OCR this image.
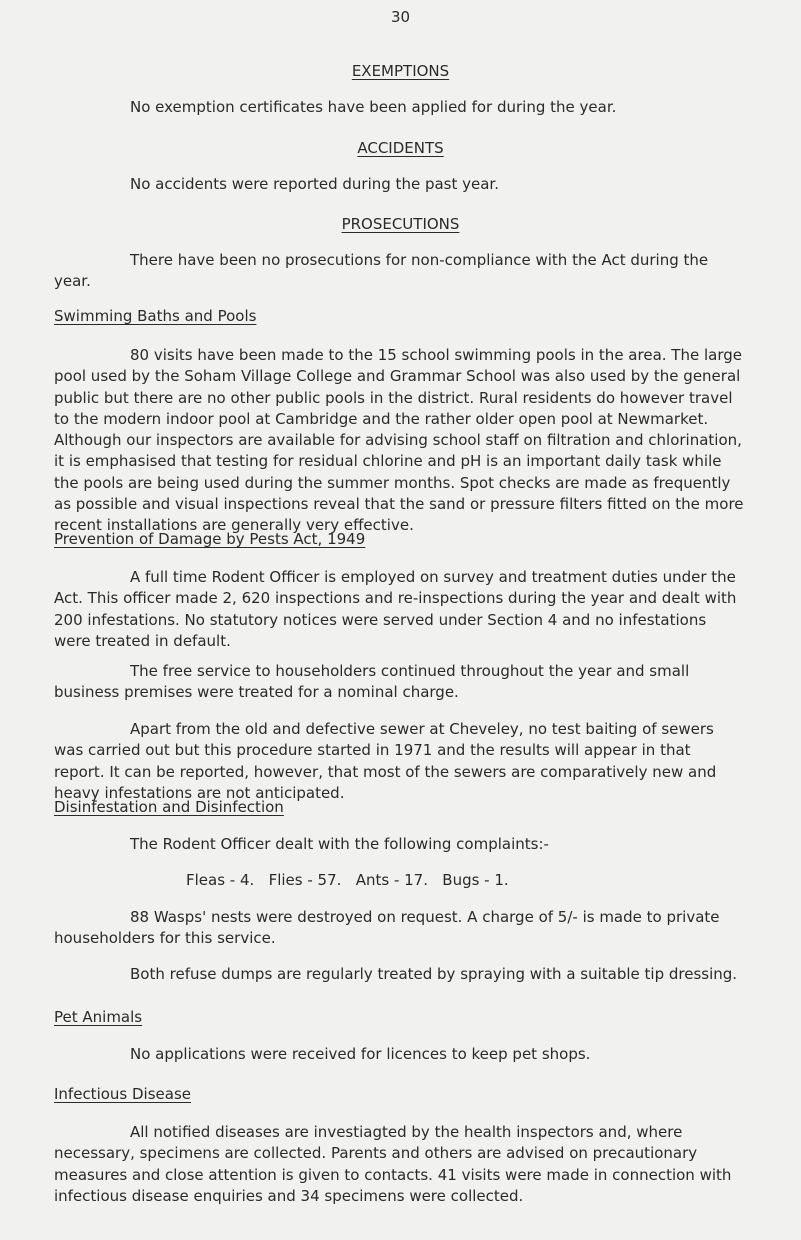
30
EXEMPTIONS

No exemption certificates have been applied for during the year.

ACCIDENTS

No accidents were reported during the past year.

PROSECUTIONS

There have been no prosecutions for non-compliance with the Act during the year.

Swimming Baths and Pools

80 visits have been made to the 15 school swimming pools in the area. The large pool used by the Soham Village College and Grammar School was also used by the general public but there are no other public pools in the district. Rural residents do however travel to the modern indoor pool at Cambridge and the rather older open pool at Newmarket. Although our inspectors are available for advising school staff on filtration and chlorination, it is emphasised that testing for residual chlorine and pH is an important daily task while the pools are being used during the summer months. Spot checks are made as frequently as possible and visual inspections reveal that the sand or pressure filters fitted on the more recent installations are generally very effective.

Prevention of Damage by Pests Act, 1949

A full time Rodent Officer is employed on survey and treatment duties under the Act. This officer made 2, 620 inspections and re-inspections during the year and dealt with 200 infestations. No statutory notices were served under Section 4 and no infestations were treated in default.

The free service to householders continued throughout the year and small business premises were treated for a nominal charge.

Apart from the old and defective sewer at Cheveley, no test baiting of sewers was carried out but this procedure started in 1971 and the results will appear in that report. It can be reported, however, that most of the sewers are comparatively new and heavy infestations are not anticipated.

Disinfestation and Disinfection

The Rodent Officer dealt with the following complaints:-

Fleas - 4.   Flies - 57.   Ants - 17.   Bugs - 1.

88 Wasps' nests were destroyed on request. A charge of 5/- is made to private householders for this service.

Both refuse dumps are regularly treated by spraying with a suitable tip dressing.

Pet Animals

No applications were received for licences to keep pet shops.

Infectious Disease

All notified diseases are investiagted by the health inspectors and, where necessary, specimens are collected. Parents and others are advised on precautionary measures and close attention is given to contacts. 41 visits were made in connection with infectious disease enquiries and 34 specimens were collected.
